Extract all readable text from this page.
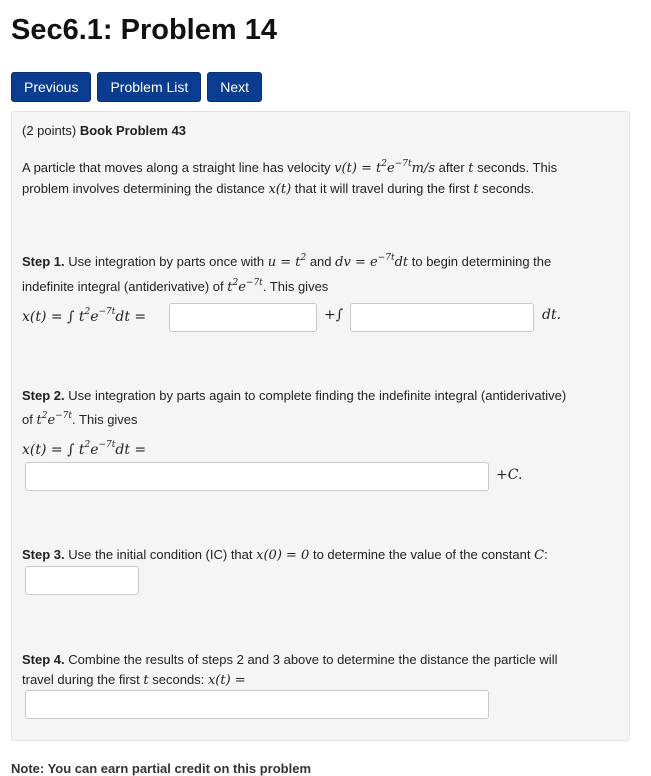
Sec6.1: Problem 14
Previous	Problem List	Next
(2 points) Book Problem 43
A particle that moves along a straight line has velocity $v(t) = t^2e^{-7t}m/s$ after t seconds. This
problem involves determining the distance x(t) that it will travel during the first t seconds.
Step 1. Use integration by parts once with $u = t^2$ and dv = $e^{-7t}dt$ to begin determining the
indefinite integral (antiderivative) of $t^2e^{-7t}$. This gives
x(t) = ∫ $t^2e^{-7t}dt$ =	+∫	dt.
Step 2. Use integration by parts again to complete finding the indefinite integral (antiderivative)
of $t^2e^{-7t}$. This gives
x(t) = ∫ $t^2e^{-7t}dt$ =
+C.
Step 3. Use the initial condition (IC) that x(0) = 0 to determine the value of the constant C:
Step 4. Combine the results of steps 2 and 3 above to determine the distance the particle will
travel during the first t seconds: x(t) =
Note: You can earn partial credit on this problem
